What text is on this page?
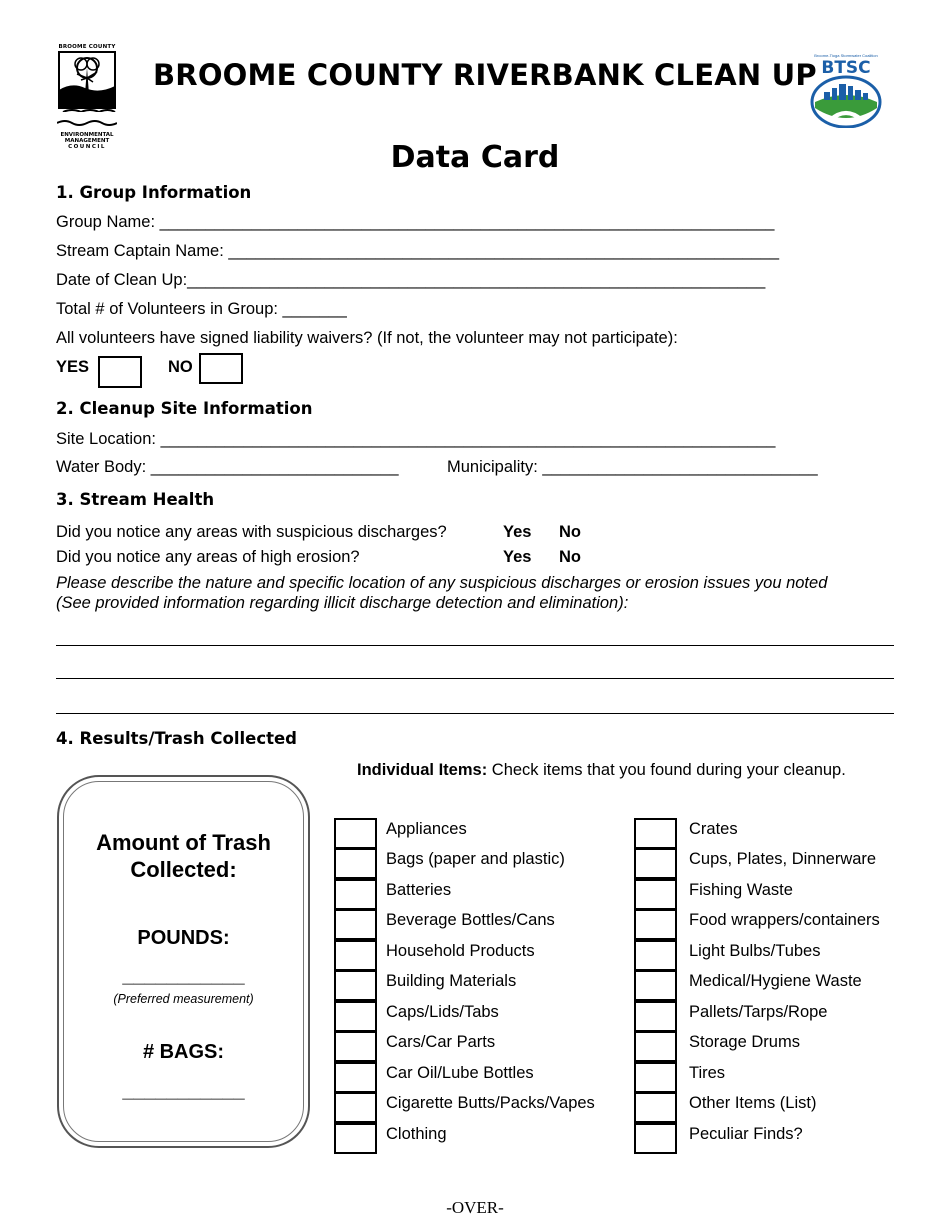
BROOME COUNTY
ENVIRONMENTAL
MANAGEMENT
COUNCIL
BROOME COUNTY RIVERBANK CLEAN UP
Broome-Tioga Stormwater Coalition
BTSC
Data Card
1. Group Information
Group Name: ___________________________________________________________________
Stream Captain Name: ____________________________________________________________
Date of Clean Up:_______________________________________________________________
Total # of Volunteers in Group: _______
All volunteers have signed liability waivers? (If not, the volunteer may not participate):
YES	NO
2. Cleanup Site Information
Site Location: ___________________________________________________________________
Water Body: ___________________________	Municipality: ______________________________
3. Stream Health
Did you notice any areas with suspicious discharges?	Yes No
Did you notice any areas of high erosion?	Yes No
Please describe the nature and specific location of any suspicious discharges or erosion issues you noted
(See provided information regarding illicit discharge detection and elimination):
4. Results/Trash Collected
Individual Items: Check items that you found during your cleanup.
Amount of Trash
Collected:
POUNDS:
___________
(Preferred measurement)
# BAGS:
___________
Appliances
Bags (paper and plastic)
Batteries
Beverage Bottles/Cans
Household Products
Building Materials
Caps/Lids/Tabs
Cars/Car Parts
Car Oil/Lube Bottles
Cigarette Butts/Packs/Vapes
Clothing
Crates
Cups, Plates, Dinnerware
Fishing Waste
Food wrappers/containers
Light Bulbs/Tubes
Medical/Hygiene Waste
Pallets/Tarps/Rope
Storage Drums
Tires
Other Items (List)
Peculiar Finds?
-OVER-
